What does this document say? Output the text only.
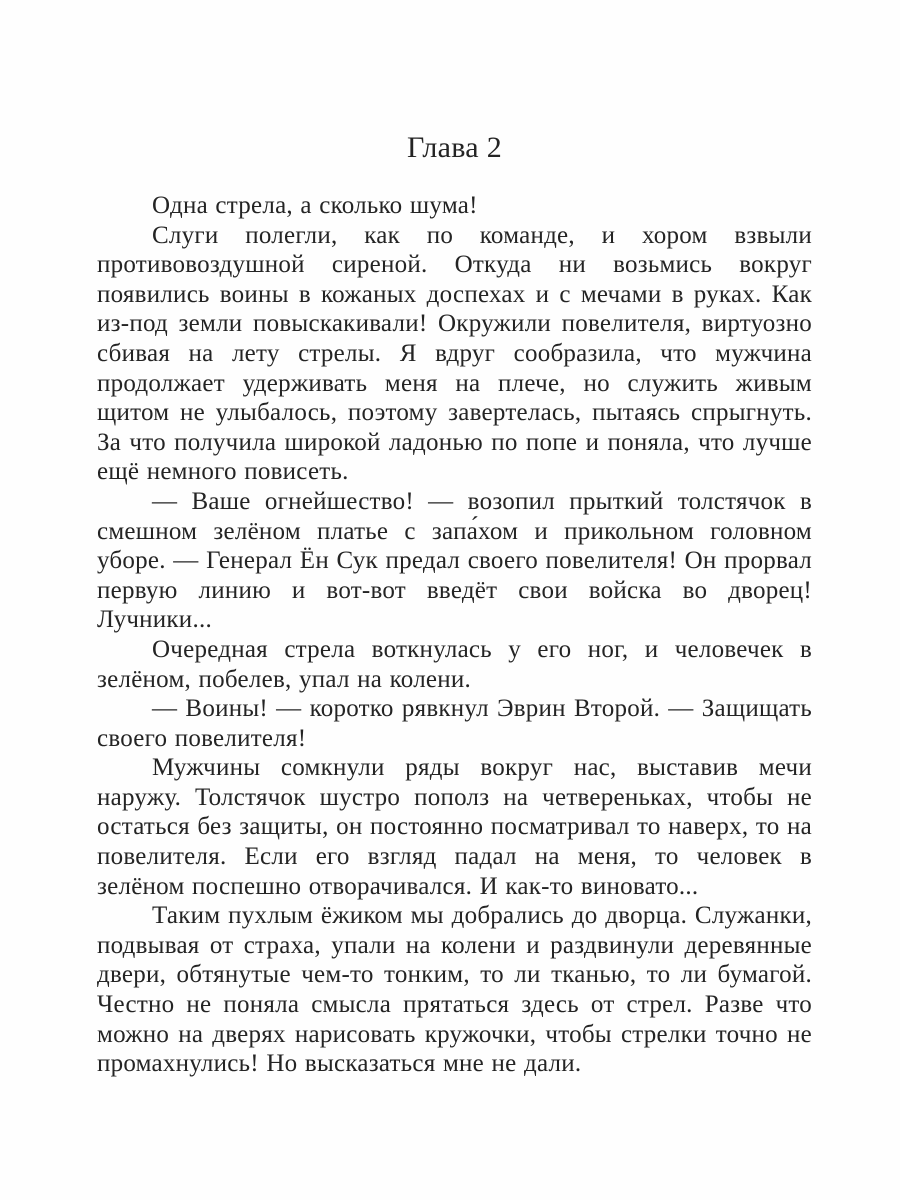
Глава 2

Одна стрела, а сколько шума!

Слуги полегли, как по команде, и хором взвыли противовоздушной сиреной. Откуда ни возьмись вокруг появились воины в кожаных доспехах и с мечами в руках. Как из-под земли повыскакивали! Окружили повелителя, виртуозно сбивая на лету стрелы. Я вдруг сообразила, что мужчина продолжает удерживать меня на плече, но служить живым щитом не улыбалось, поэтому завертелась, пытаясь спрыгнуть. За что получила широкой ладонью по попе и поняла, что лучше ещё немного повисеть.

— Ваше огнейшество! — возопил прыткий толстячок в смешном зелёном платье с запа́хом и прикольном головном уборе. — Генерал Ён Сук предал своего повелителя! Он прорвал первую линию и вот-вот введёт свои войска во дворец! Лучники...

Очередная стрела воткнулась у его ног, и человечек в зелёном, побелев, упал на колени.

— Воины! — коротко рявкнул Эврин Второй. — Защищать своего повелителя!

Мужчины сомкнули ряды вокруг нас, выставив мечи наружу. Толстячок шустро пополз на четвереньках, чтобы не остаться без защиты, он постоянно посматривал то наверх, то на повелителя. Если его взгляд падал на меня, то человек в зелёном поспешно отворачивался. И как-то виновато...

Таким пухлым ёжиком мы добрались до дворца. Служанки, подвывая от страха, упали на колени и раздвинули деревянные двери, обтянутые чем-то тонким, то ли тканью, то ли бумагой. Честно не поняла смысла прятаться здесь от стрел. Разве что можно на дверях нарисовать кружочки, чтобы стрелки точно не промахнулись! Но высказаться мне не дали.
